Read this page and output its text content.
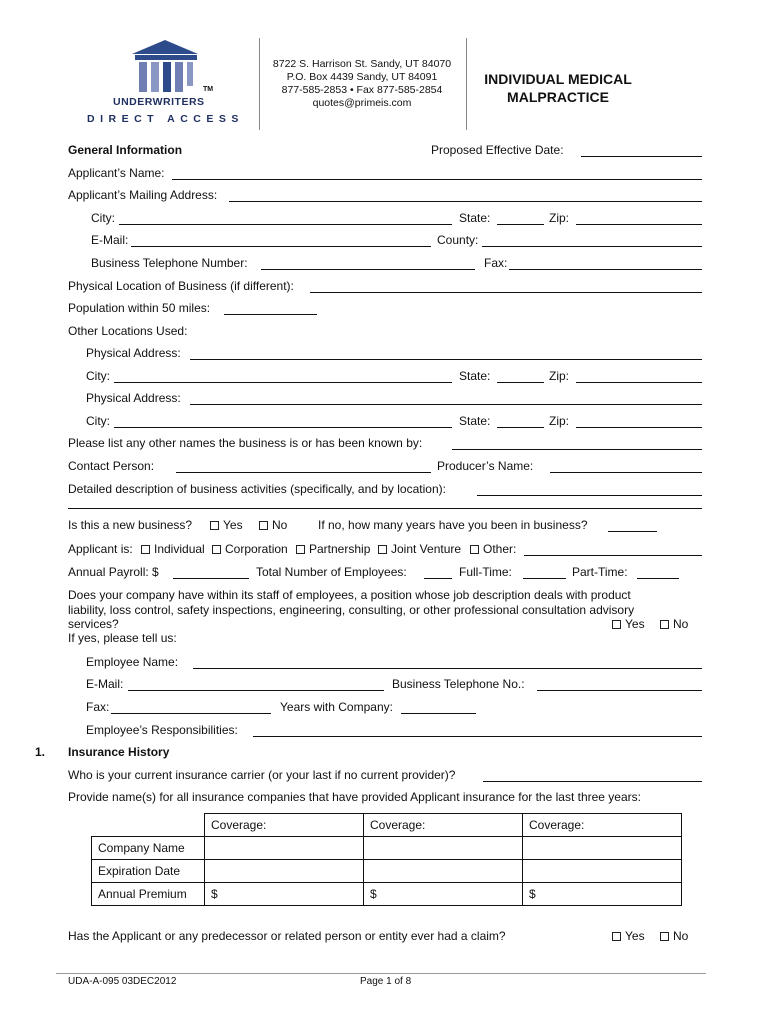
TM
UNDERWRITERS
DIRECT ACCESS
8722 S. Harrison St. Sandy, UT 84070
P.O. Box 4439 Sandy, UT 84091
877-585-2853 • Fax 877-585-2854
quotes@primeis.com
INDIVIDUAL MEDICAL
MALPRACTICE
General Information	Proposed Effective Date:
Applicant’s Name:
Applicant’s Mailing Address:
City:	State:	Zip:
E-Mail:	County:
Business Telephone Number:	Fax:
Physical Location of Business (if different):
Population within 50 miles:
Other Locations Used:
Physical Address:
City:	State:	Zip:
Physical Address:
City:	State:	Zip:
Please list any other names the business is or has been known by:
Contact Person:	Producer’s Name:
Detailed description of business activities (specifically, and by location):
Is this a new business?	Yes	No	If no, how many years have you been in business?
Applicant is:	Individual	Corporation	Partnership	Joint Venture	Other:
Annual Payroll: $	Total Number of Employees:	Full-Time:	Part-Time:
Does your company have within its staff of employees, a position whose job description deals with product
liability, loss control, safety inspections, engineering, consulting, or other professional consultation advisory
services?	Yes	No
If yes, please tell us:
Employee Name:
E-Mail:	Business Telephone No.:
Fax:	Years with Company:
Employee’s Responsibilities:
1. Insurance History
Who is your current insurance carrier (or your last if no current provider)?
Provide name(s) for all insurance companies that have provided Applicant insurance for the last three years:
	Coverage:	Coverage:	Coverage:
Company Name			
Expiration Date			
Annual Premium	$	$	$
Has the Applicant or any predecessor or related person or entity ever had a claim?	Yes	No
UDA-A-095 03DEC2012	Page 1 of 8
